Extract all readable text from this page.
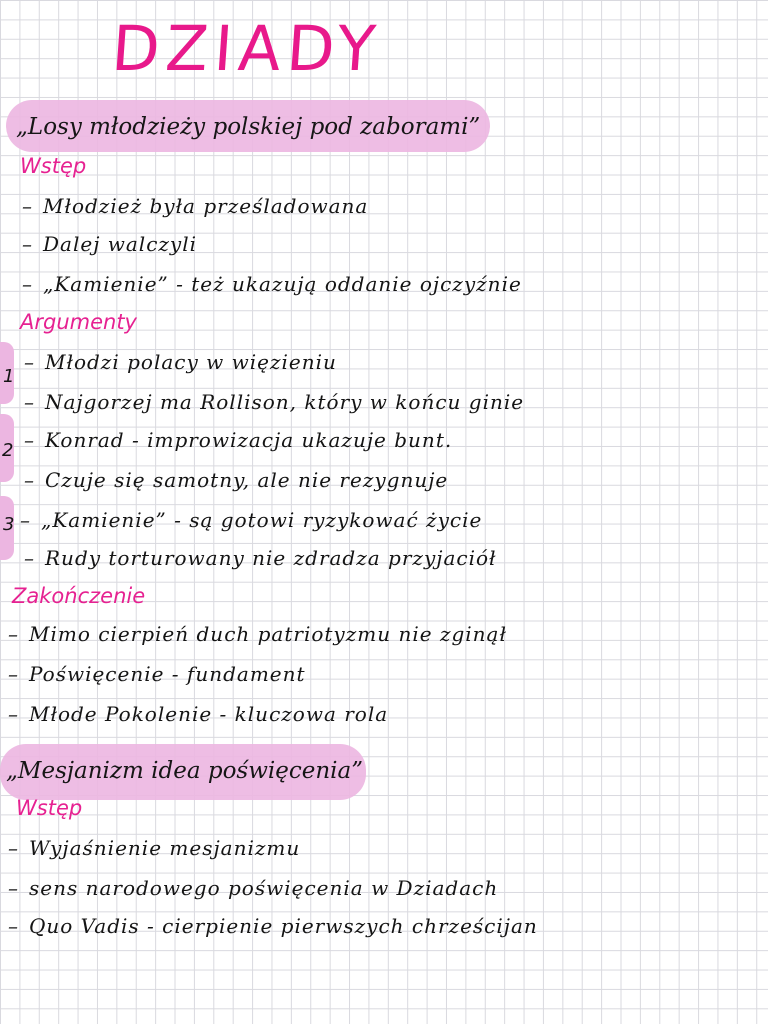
DZIADY
„Losy młodzieży polskiej pod zaborami”
Wstęp
– Młodzież była prześladowana
– Dalej walczyli
– „Kamienie” - też ukazują oddanie ojczyźnie
Argumenty
1
2
3
– Młodzi polacy w więzieniu
– Najgorzej ma Rollison, który w końcu ginie
– Konrad - improwizacja ukazuje bunt.
– Czuje się samotny, ale nie rezygnuje
– „Kamienie” - są gotowi ryzykować życie
– Rudy torturowany nie zdradza przyjaciół
Zakończenie
– Mimo cierpień duch patriotyzmu nie zginął
– Poświęcenie - fundament
– Młode Pokolenie - kluczowa rola
„Mesjanizm idea poświęcenia”
Wstęp
– Wyjaśnienie mesjanizmu
– sens narodowego poświęcenia w Dziadach
– Quo Vadis - cierpienie pierwszych chrześcijan
